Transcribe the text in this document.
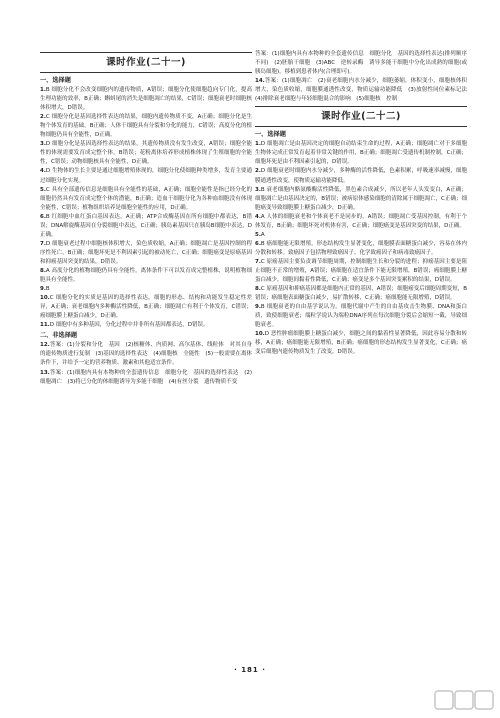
课时作业(二十一)
一、选择题

1.B 细胞分化不会改变细胞内的遗传物质，A错误；细胞分化使细胞趋向专门化，提高生理功能的效率，B正确；蝌蚪尾的消失是细胞凋亡的结果，C错误；细胞衰老时细胞核体积增大，D错误。

2.C 细胞分化是基因选择性表达的结果，细胞内遗传物质不变，A正确；细胞分化是生物个体发育的基础，B正确；人体干细胞具有分裂和分化的能力，C错误；高度分化的植物细胞仍具有全能性，D正确。

3.D 细胞分化是基因选择性表达的结果，其遗传物质没有发生改变，A错误；细胞全能性的体现需要发育成完整个体，B错误；花粉离体培养形成植株体现了生殖细胞的全能性，C错误；动物细胞核具有全能性，D正确。

4.D 生物体的生长主要是通过细胞增殖体现的，细胞分化使细胞种类增多，发育主要通过细胞分化实现。

5.C 具有全部遗传信息是细胞具有全能性的基础，A正确；细胞全能性是指已经分化的细胞仍然具有发育成完整个体的潜能，B正确；造血干细胞分化为各种血细胞没有体现全能性，C错误；植物组织培养是细胞全能性的应用，D正确。

6.B 红细胞中血红蛋白基因表达，A正确；ATP合成酶基因在所有细胞中都表达，B错误；DNA解旋酶基因在分裂细胞中表达，C正确；胰岛素基因只在胰岛B细胞中表达，D正确。

7.D 细胞衰老过程中细胞核体积增大，染色质收缩，A正确；细胞凋亡是基因控制的程序性死亡，B正确；细胞坏死是不利因素引起的被动死亡，C正确；细胞癌变是原癌基因和抑癌基因突变的结果，D错误。

8.A 高度分化的植物细胞仍具有全能性，离体条件下可以发育成完整植株，说明植物细胞具有全能性。

9.B

10.C 细胞分化的实质是基因的选择性表达，细胞的形态、结构和功能发生稳定性差异，A正确；衰老细胞内多种酶活性降低，B正确；细胞凋亡有利于个体发育，C错误；癌细胞膜上糖蛋白减少，D正确。

11.D 细胞中有多种基因，分化过程中并非所有基因都表达，D错误。

二、非选择题

12.答案：(1)分裂和分化　基因　(2)核糖体、内质网、高尔基体、线粒体　对其自身的遗传物质进行复制　(3)基因的选择性表达　(4)细胞核　全能性　(5)一般需要在离体条件下，并给予一定的营养物质、激素和其他适宜条件。

13.答案：(1)细胞内具有本物种的全套遗传信息　细胞分化　基因的选择性表达　(2)细胞凋亡　(3)将已分化的体细胞诱导为多能干细胞　(4)有丝分裂　遗传物质不变

答案：(1)细胞内具有本物种的全套遗传信息　细胞分化　基因的选择性表达(排列顺序不同)　(2)胚胎干细胞　(3)ABC　逆转录酶　诱导多能干细胞中分化出成熟的细胞(或胰岛细胞)，移植到患者体内(合理即可)。

14.答案：(1)细胞凋亡　(2)衰老细胞内水分减少，细胞萎缩，体积变小，细胞核体积增大，染色质收缩，细胞膜通透性改变，物质运输功能降低　(3)放射性同位素标记法　(4)排除衰老细胞与年轻细胞混合的影响　(5)细胞核　控制

课时作业(二十二)
一、选择题

1.D 细胞凋亡是由基因决定的细胞自动结束生命的过程，A正确；细胞凋亡对于多细胞生物体完成正常发育起着非常关键的作用，B正确；细胞凋亡受遗传机制控制，C正确；细胞坏死是由不利因素引起的，D错误。

2.D 细胞衰老时细胞内水分减少，多种酶的活性降低，色素积累，呼吸速率减慢，细胞膜通透性改变，使物质运输功能降低。

3.B 衰老细胞内酪氨酸酶活性降低，黑色素合成减少，所以老年人头发变白，A正确；细胞凋亡是由基因决定的，B错误；被病原体感染细胞的清除属于细胞凋亡，C正确；细胞癌变导致细胞膜上糖蛋白减少，D正确。

4.A 人体的细胞衰老和个体衰老不是同步的，A错误；细胞凋亡受基因控制，有利于个体发育，B正确；细胞坏死对机体有害，C正确；细胞癌变是基因突变的结果，D正确。

5.A

6.B 癌细胞能无限增殖，形态结构发生显著变化，细胞膜表面糖蛋白减少，容易在体内分散和转移。致癌因子包括物理致癌因子、化学致癌因子和病毒致癌因子。

7.C 原癌基因主要负责调节细胞周期，控制细胞生长和分裂的进程；抑癌基因主要是阻止细胞不正常的增殖，A错误；癌细胞在适宜条件下能无限增殖，B错误；癌细胞膜上糖蛋白减少，细胞间黏着性降低，C正确；癌变是多个基因突变累积的结果，D错误。

8.C 原癌基因和抑癌基因都是细胞内正常的基因，A错误；细胞癌变后细胞周期变短，B错误；癌细胞表面糖蛋白减少，易扩散转移，C正确；癌细胞能无限增殖，D错误。

9.B 细胞衰老的自由基学说认为，细胞代谢中产生的自由基攻击生物膜、DNA和蛋白质，致使细胞衰老；端粒学说认为端粒DNA序列在每次细胞分裂后会缩短一截，导致细胞衰老。

10.D 恶性肿瘤细胞膜上糖蛋白减少，细胞之间的黏着性显著降低，因此容易分散和转移，A正确；癌细胞能无限增殖，B正确；癌细胞的形态结构发生显著变化，C正确；癌变后细胞内遗传物质发生了改变，D错误。

· 181 ·
